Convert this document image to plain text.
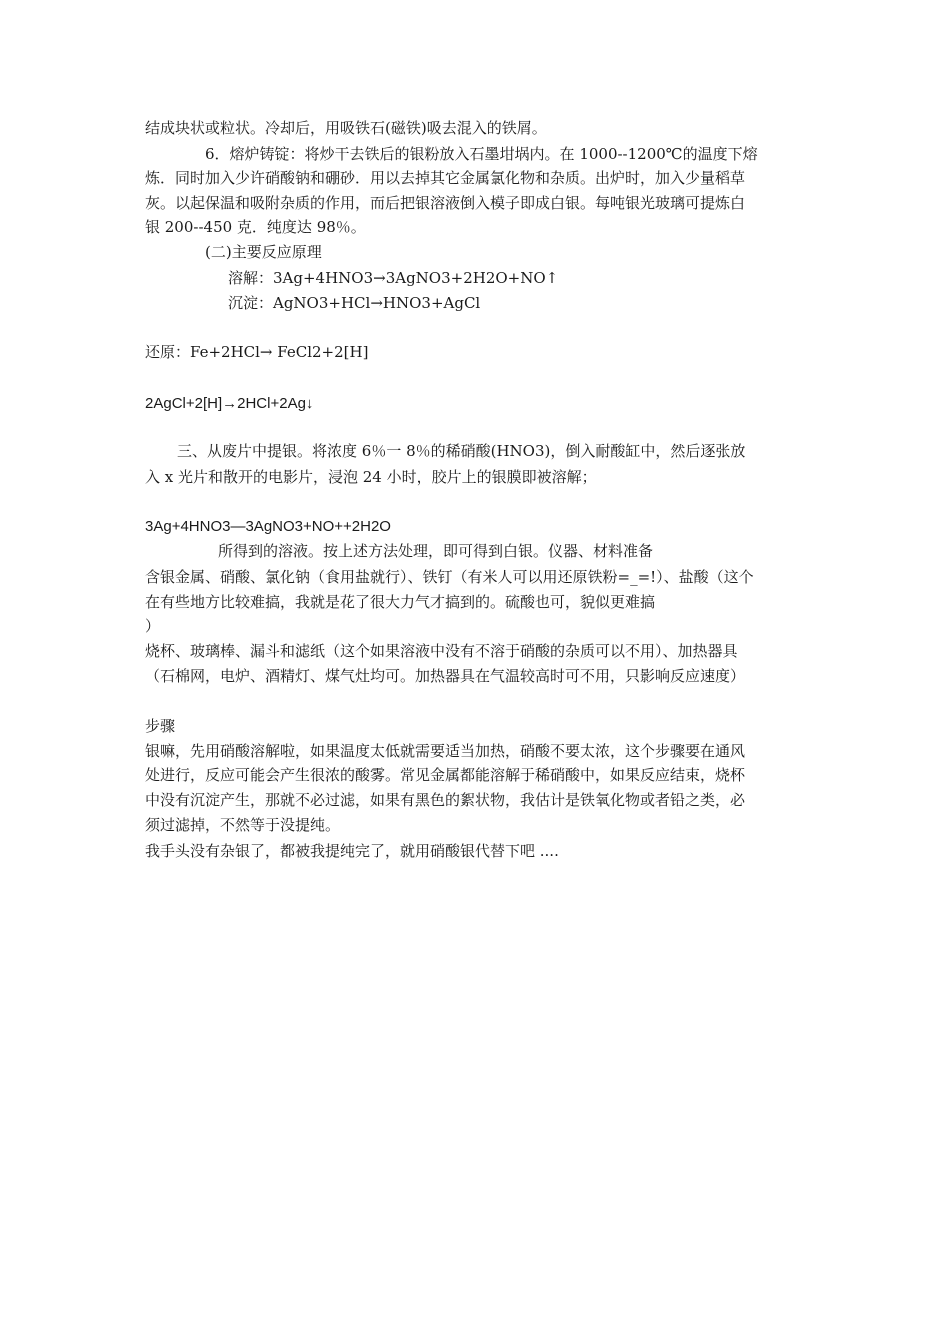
结成块状或粒状。冷却后，用吸铁石(磁铁)吸去混入的铁屑。
6．熔炉铸锭：将炒干去铁后的银粉放入石墨坩埚内。在 1000--1200℃的温度下熔
炼．同时加入少许硝酸钠和硼砂．用以去掉其它金属氯化物和杂质。出炉时，加入少量稻草
灰。以起保温和吸附杂质的作用，而后把银溶液倒入模子即成白银。每吨银光玻璃可提炼白
银 200--450 克．纯度达 98％。
(二)主要反应原理
溶解：3Ag+4HNO3→3AgNO3+2H2O+NO↑
沉淀：AgNO3+HCl→HNO3+AgCl
还原：Fe+2HCl→ FeCl2+2[H]
2AgCl+2[H]→2HCl+2Ag↓
三、从废片中提银。将浓度 6％一 8％的稀硝酸(HNO3)，倒入耐酸缸中，然后逐张放
入 x 光片和散开的电影片，浸泡 24 小时，胶片上的银膜即被溶解；
3Ag+4HNO3—3AgNO3+NO++2H2O
所得到的溶液。按上述方法处理，即可得到白银。仪器、材料准备
含银金属、硝酸、氯化钠（食用盐就行）、铁钉（有米人可以用还原铁粉=_=!）、盐酸（这个
在有些地方比较难搞，我就是花了很大力气才搞到的。硫酸也可，貌似更难搞
）
烧杯、玻璃棒、漏斗和滤纸（这个如果溶液中没有不溶于硝酸的杂质可以不用）、加热器具
（石棉网，电炉、酒精灯、煤气灶均可。加热器具在气温较高时可不用，只影响反应速度）
步骤
银嘛，先用硝酸溶解啦，如果温度太低就需要适当加热，硝酸不要太浓，这个步骤要在通风
处进行，反应可能会产生很浓的酸雾。常见金属都能溶解于稀硝酸中，如果反应结束，烧杯
中没有沉淀产生，那就不必过滤，如果有黑色的絮状物，我估计是铁氧化物或者铅之类，必
须过滤掉，不然等于没提纯。
我手头没有杂银了，都被我提纯完了，就用硝酸银代替下吧 ....
